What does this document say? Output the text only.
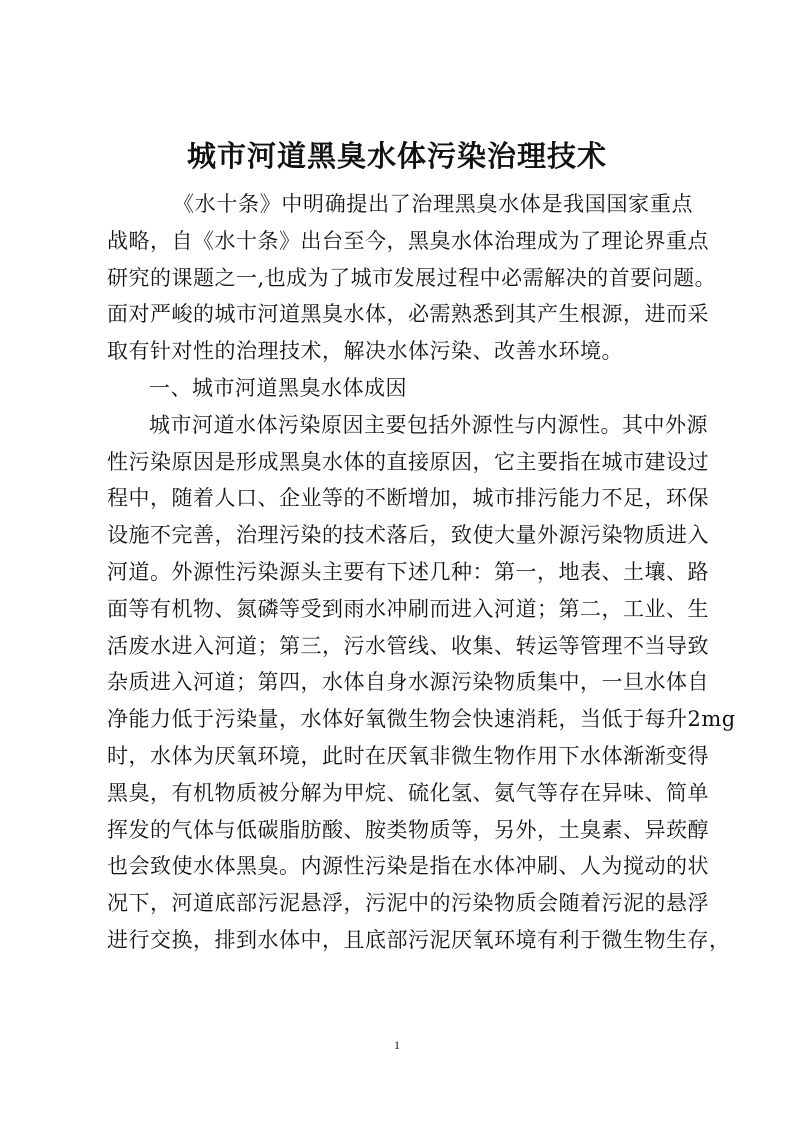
城市河道黑臭水体污染治理技术
《水十条》中明确提出了治理黑臭水体是我国国家重点
战略，自《水十条》出台至今，黑臭水体治理成为了理论界重点
研究的课题之一,也成为了城市发展过程中必需解决的首要问题。
面对严峻的城市河道黑臭水体，必需熟悉到其产生根源，进而采
取有针对性的治理技术，解决水体污染、改善水环境。
一、城市河道黑臭水体成因
城市河道水体污染原因主要包括外源性与内源性。其中外源
性污染原因是形成黑臭水体的直接原因，它主要指在城市建设过
程中，随着人口、企业等的不断增加，城市排污能力不足，环保
设施不完善，治理污染的技术落后，致使大量外源污染物质进入
河道。外源性污染源头主要有下述几种：第一，地表、土壤、路
面等有机物、氮磷等受到雨水冲刷而进入河道；第二，工业、生
活废水进入河道；第三，污水管线、收集、转运等管理不当导致
杂质进入河道；第四，水体自身水源污染物质集中，一旦水体自
净能力低于污染量，水体好氧微生物会快速消耗，当低于每升2mg
时，水体为厌氧环境，此时在厌氧非微生物作用下水体渐渐变得
黑臭，有机物质被分解为甲烷、硫化氢、氨气等存在异味、简单
挥发的气体与低碳脂肪酸、胺类物质等，另外，土臭素、异莰醇
也会致使水体黑臭。内源性污染是指在水体冲刷、人为搅动的状
况下，河道底部污泥悬浮，污泥中的污染物质会随着污泥的悬浮
进行交换，排到水体中，且底部污泥厌氧环境有利于微生物生存，
1
